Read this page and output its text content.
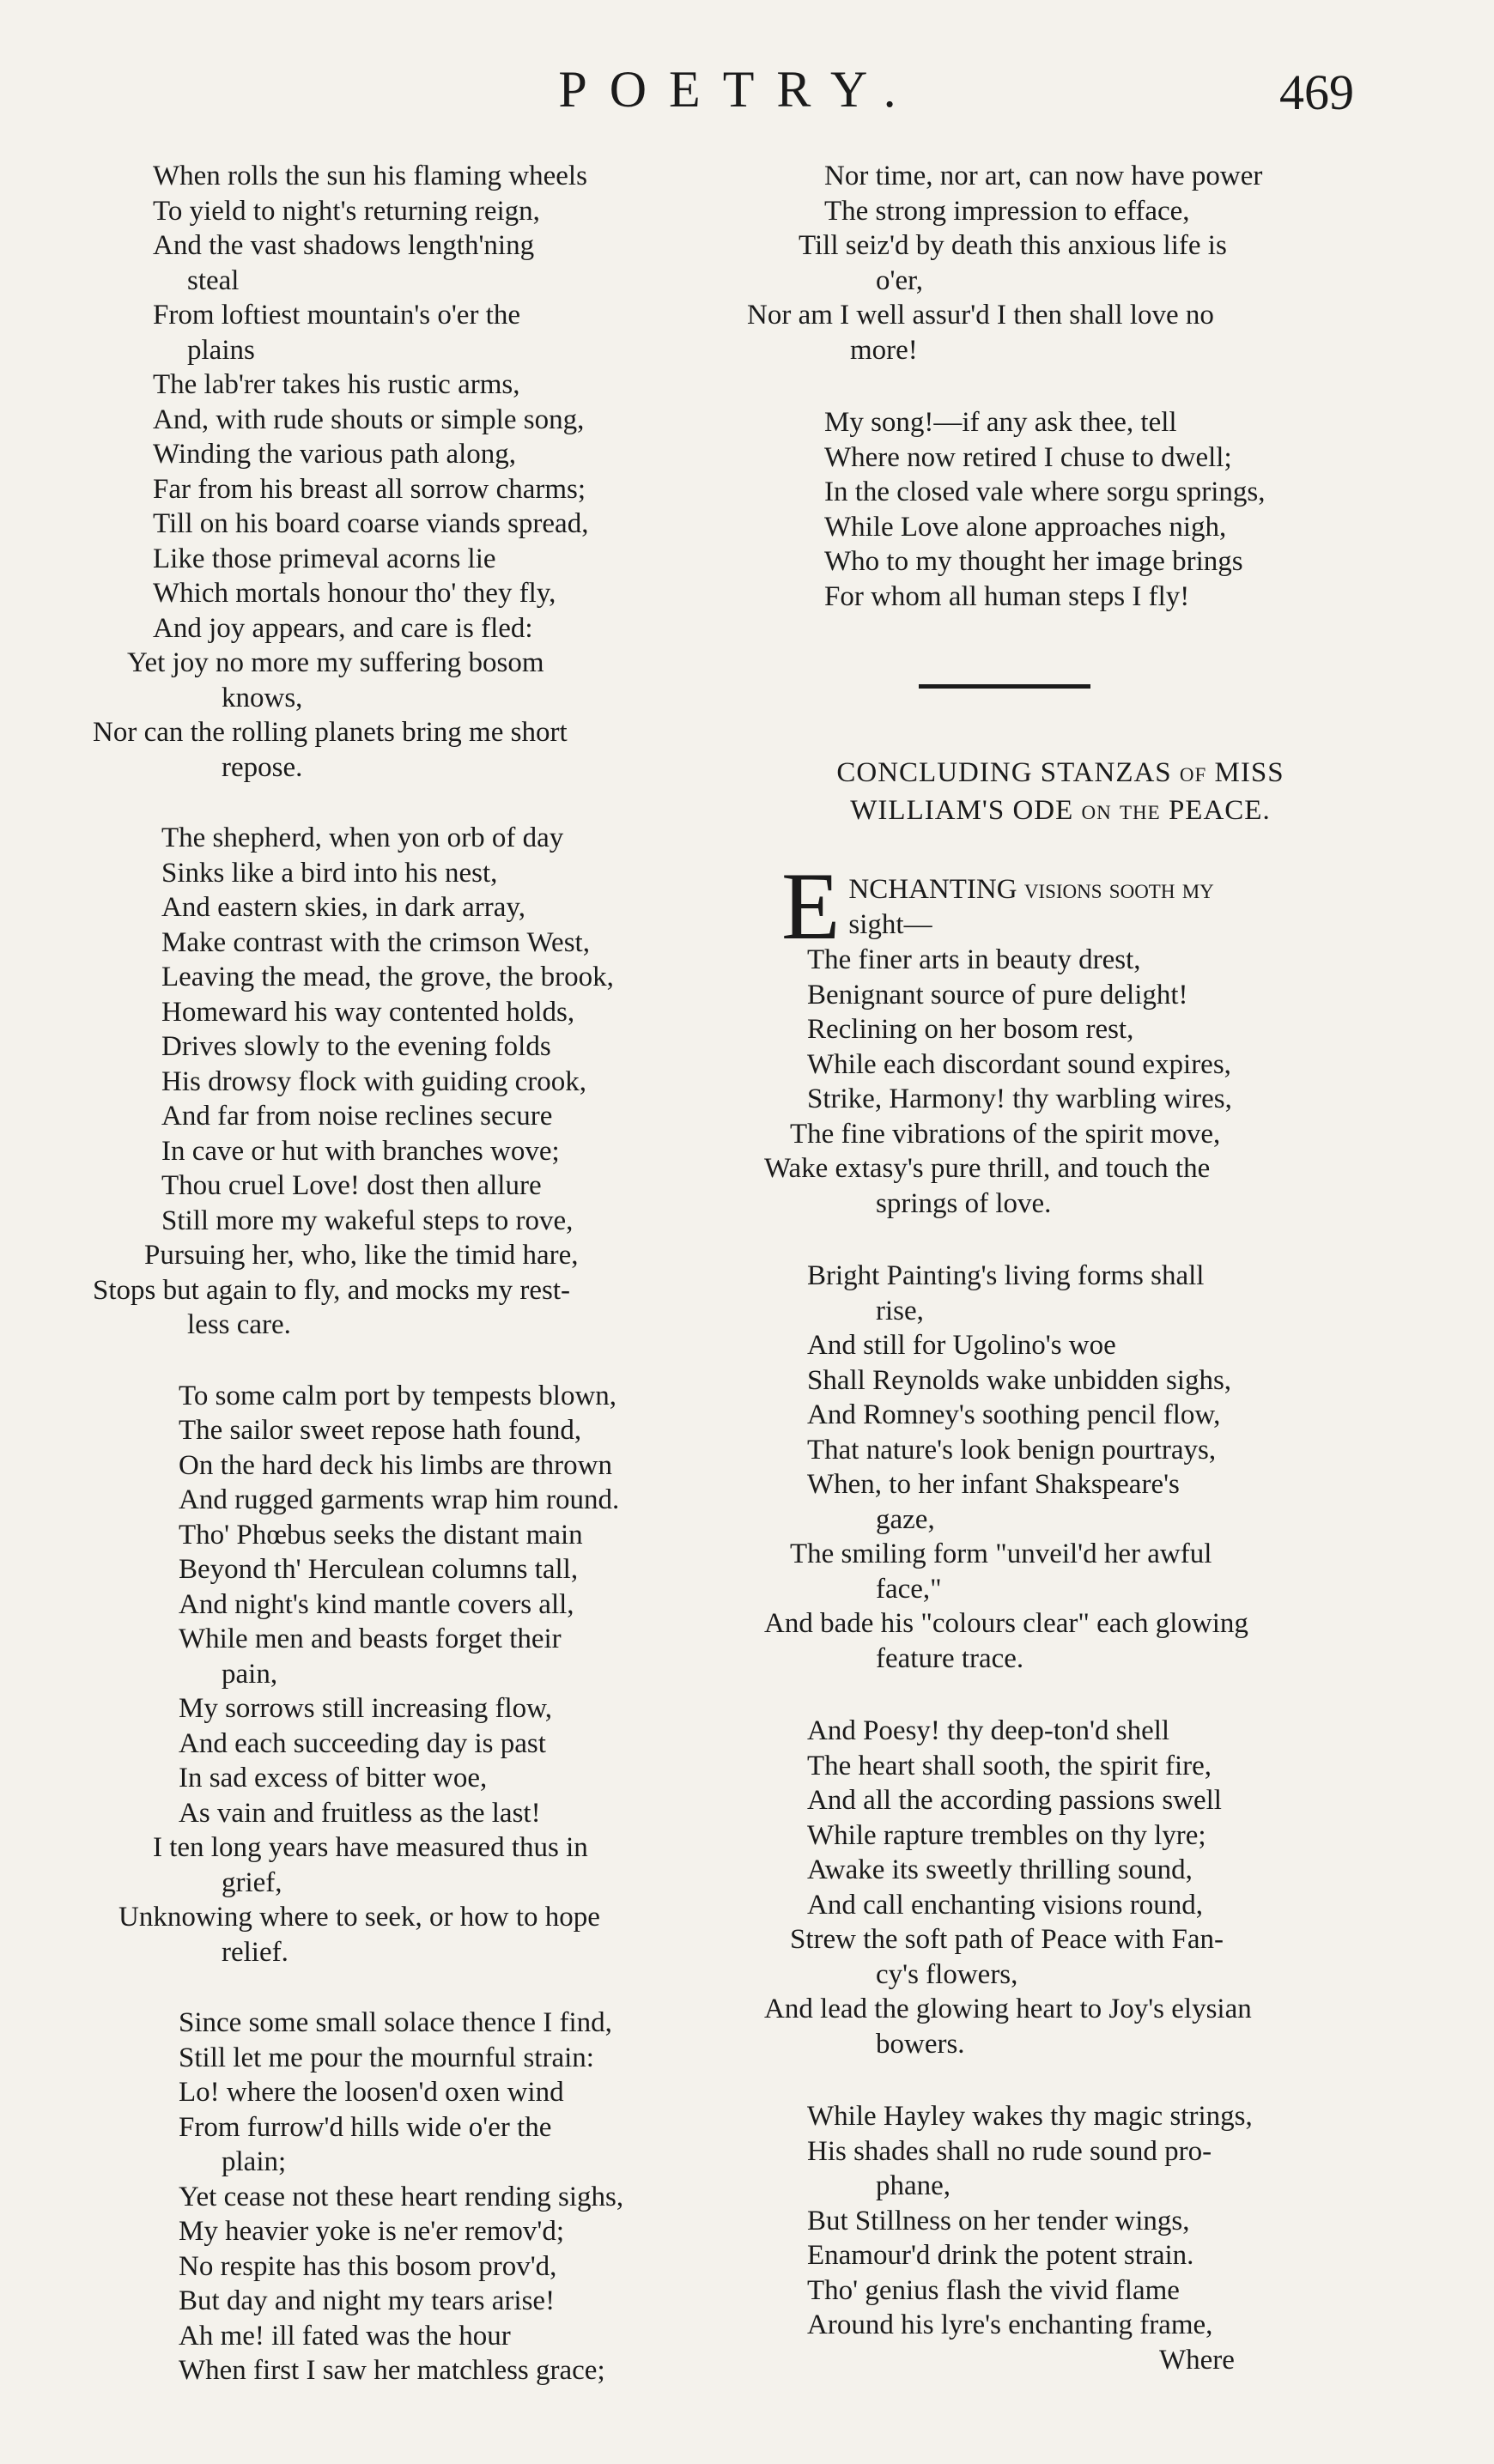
POETRY.	469
When rolls the sun his flaming wheels
To yield to night's returning reign,
And the vast shadows length'ning
steal
From loftiest mountain's o'er the
plains
The lab'rer takes his rustic arms,
And, with rude shouts or simple song,
Winding the various path along,
Far from his breast all sorrow charms;
Till on his board coarse viands spread,
Like those primeval acorns lie
Which mortals honour tho' they fly,
And joy appears, and care is fled:
Yet joy no more my suffering bosom
knows,
Nor can the rolling planets bring me short
repose.
The shepherd, when yon orb of day
Sinks like a bird into his nest,
And eastern skies, in dark array,
Make contrast with the crimson West,
Leaving the mead, the grove, the brook,
Homeward his way contented holds,
Drives slowly to the evening folds
His drowsy flock with guiding crook,
And far from noise reclines secure
In cave or hut with branches wove;
Thou cruel Love! dost then allure
Still more my wakeful steps to rove,
Pursuing her, who, like the timid hare,
Stops but again to fly, and mocks my rest-
less care.
To some calm port by tempests blown,
The sailor sweet repose hath found,
On the hard deck his limbs are thrown
And rugged garments wrap him round.
Tho' Phœbus seeks the distant main
Beyond th' Herculean columns tall,
And night's kind mantle covers all,
While men and beasts forget their
pain,
My sorrows still increasing flow,
And each succeeding day is past
In sad excess of bitter woe,
As vain and fruitless as the last!
I ten long years have measured thus in
grief,
Unknowing where to seek, or how to hope
relief.
Since some small solace thence I find,
Still let me pour the mournful strain:
Lo! where the loosen'd oxen wind
From furrow'd hills wide o'er the
plain;
Yet cease not these heart rending sighs,
My heavier yoke is ne'er remov'd;
No respite has this bosom prov'd,
But day and night my tears arise!
Ah me! ill fated was the hour
When first I saw her matchless grace;
Nor time, nor art, can now have power
The strong impression to efface,
Till seiz'd by death this anxious life is
o'er,
Nor am I well assur'd I then shall love no
more!
My song!—if any ask thee, tell
Where now retired I chuse to dwell;
In the closed vale where sorgu springs,
While Love alone approaches nigh,
Who to my thought her image brings
For whom all human steps I fly!
CONCLUDING STANZAS of MISS
WILLIAM'S ODE on the PEACE.
E NCHANTING visions sooth my
sight—
The finer arts in beauty drest,
Benignant source of pure delight!
Reclining on her bosom rest,
While each discordant sound expires,
Strike, Harmony! thy warbling wires,
The fine vibrations of the spirit move,
Wake extasy's pure thrill, and touch the
springs of love.
Bright Painting's living forms shall
rise,
And still for Ugolino's woe
Shall Reynolds wake unbidden sighs,
And Romney's soothing pencil flow,
That nature's look benign pourtrays,
When, to her infant Shakspeare's
gaze,
The smiling form "unveil'd her awful
face,"
And bade his "colours clear" each glowing
feature trace.
And Poesy! thy deep-ton'd shell
The heart shall sooth, the spirit fire,
And all the according passions swell
While rapture trembles on thy lyre;
Awake its sweetly thrilling sound,
And call enchanting visions round,
Strew the soft path of Peace with Fan-
cy's flowers,
And lead the glowing heart to Joy's elysian
bowers.
While Hayley wakes thy magic strings,
His shades shall no rude sound pro-
phane,
But Stillness on her tender wings,
Enamour'd drink the potent strain.
Tho' genius flash the vivid flame
Around his lyre's enchanting frame,
Where
